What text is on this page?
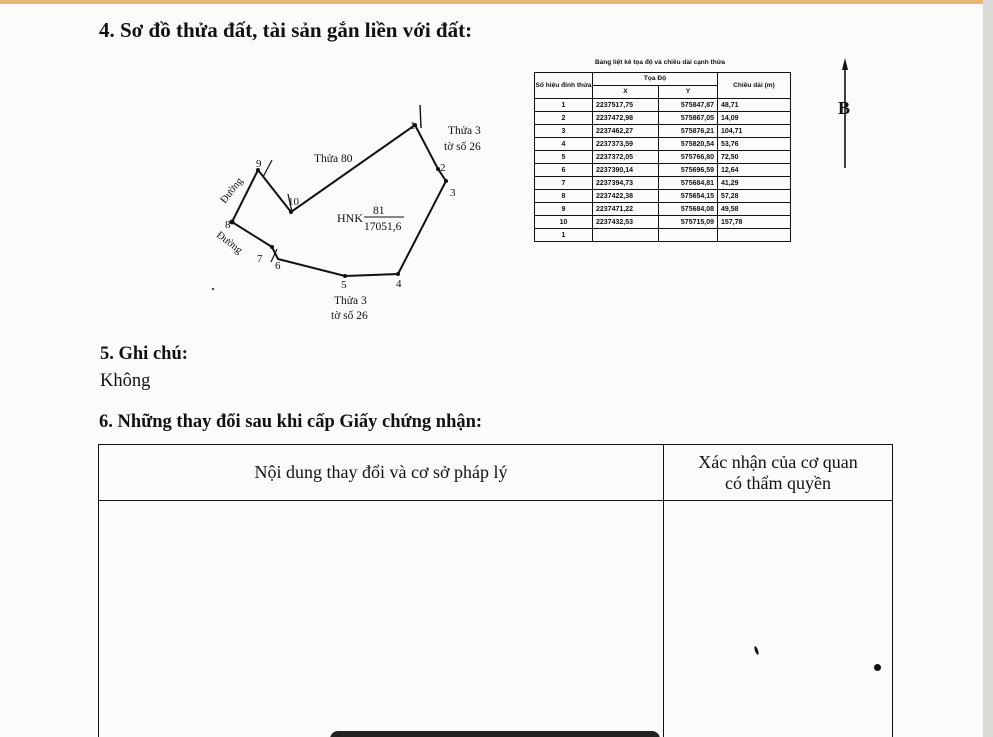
4. Sơ đồ thửa đất, tài sản gắn liền với đất:
1
2
3
4
5
6
7
8
9
10
Thửa 80
Thửa 3
tờ số 26
Thửa 3
tờ số 26
Đường
Đường
HNK 81
17051,6
B
Bảng liệt kê tọa độ và chiều dài cạnh thửa
Số hiệu đỉnh thửa	Tọa Độ		Chiều dài (m)
	X	Y	
1	2237517,75	575847,87	48,71
2	2237472,98	575867,05	14,09
3	2237462,27	575876,21	104,71
4	2237373,59	575820,54	53,76
5	2237372,05	575766,80	72,50
6	2237390,14	575696,59	12,64
7	2237394,73	575684,81	41,29
8	2237422,38	575654,15	57,28
9	2237471,22	575684,08	49,58
10	2237432,53	575715,09	157,78
1			
5. Ghi chú:
Không
6. Những thay đổi sau khi cấp Giấy chứng nhận:
Nội dung thay đổi và cơ sở pháp lý	Xác nhận của cơ quan
có thẩm quyền
